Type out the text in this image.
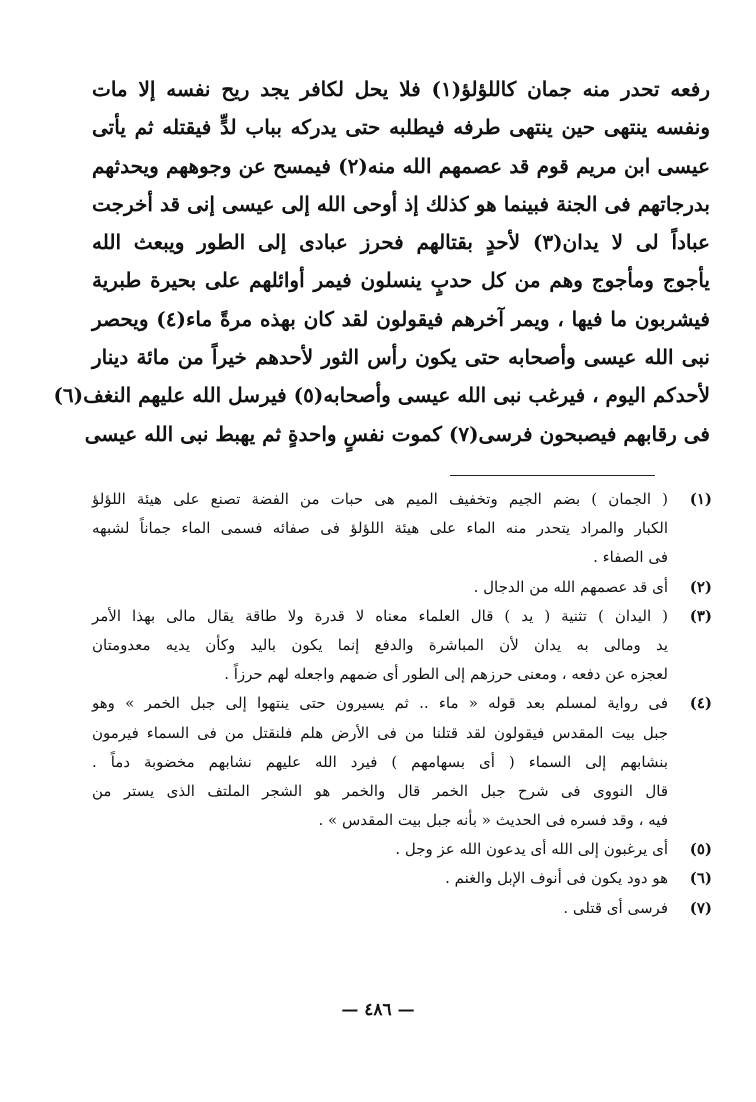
رفعه تحدر منه جمان كاللؤلؤ(١) فلا يحل لكافر يجد ريح نفسه إلا مات
ونفسه ينتهى حين ينتهى طرفه فيطلبه حتى يدركه بباب لدٍّ فيقتله ثم يأتى
عيسى ابن مريم قوم قد عصمهم الله منه(٢) فيمسح عن وجوههم ويحدثهم
بدرجاتهم فى الجنة فبينما هو كذلك إذ أوحى الله إلى عيسى إنى قد أخرجت
عباداً لى لا يدان(٣) لأحدٍ بقتالهم فحرز عبادى إلى الطور ويبعث الله
يأجوج ومأجوج وهم من كل حدبٍ ينسلون فيمر أوائلهم على بحيرة طبرية
فيشربون ما فيها ، ويمر آخرهم فيقولون لقد كان بهذه مرةً ماء(٤) ويحصر
نبى الله عيسى وأصحابه حتى يكون رأس الثور لأحدهم خيراً من مائة دينار
لأحدكم اليوم ، فيرغب نبى الله عيسى وأصحابه(٥) فيرسل الله عليهم النغف(٦)
فى رقابهم فيصبحون فرسى(٧) كموت نفسٍ واحدةٍ ثم يهبط نبى الله عيسى
(١)
( الجمان ) بضم الجيم وتخفيف الميم هى حبات من الفضة تصنع على هيئة اللؤلؤ
الكبار والمراد يتحدر منه الماء على هيئة اللؤلؤ فى صفائه فسمى الماء جماناً لشبهه
فى الصفاء .
(٢)
أى قد عصمهم الله من الدجال .
(٣)
( اليدان ) تثنية ( يد ) قال العلماء معناه لا قدرة ولا طاقة يقال مالى بهذا الأمر
يد ومالى به يدان لأن المباشرة والدفع إنما يكون باليد وكأن يديه معدومتان
لعجزه عن دفعه ، ومعنى حرزهم إلى الطور أى ضمهم واجعله لهم حرزاً .
(٤)
فى رواية لمسلم بعد قوله « ماء .. ثم يسيرون حتى ينتهوا إلى جبل الخمر » وهو
جبل بيت المقدس فيقولون لقد قتلنا من فى الأرض هلم فلنقتل من فى السماء فيرمون
بنشابهم إلى السماء ( أى بسهامهم ) فيرد الله عليهم نشابهم مخضوبة دماً .
قال النووى فى شرح جبل الخمر قال والخمر هو الشجر الملتف الذى يستر من
فيه ، وقد فسره فى الحديث « بأنه جبل بيت المقدس » .
(٥)
أى يرغبون إلى الله أى يدعون الله عز وجل .
(٦)
هو دود يكون فى أنوف الإبل والغنم .
(٧)
فرسى أى قتلى .
— ٤٨٦ —
